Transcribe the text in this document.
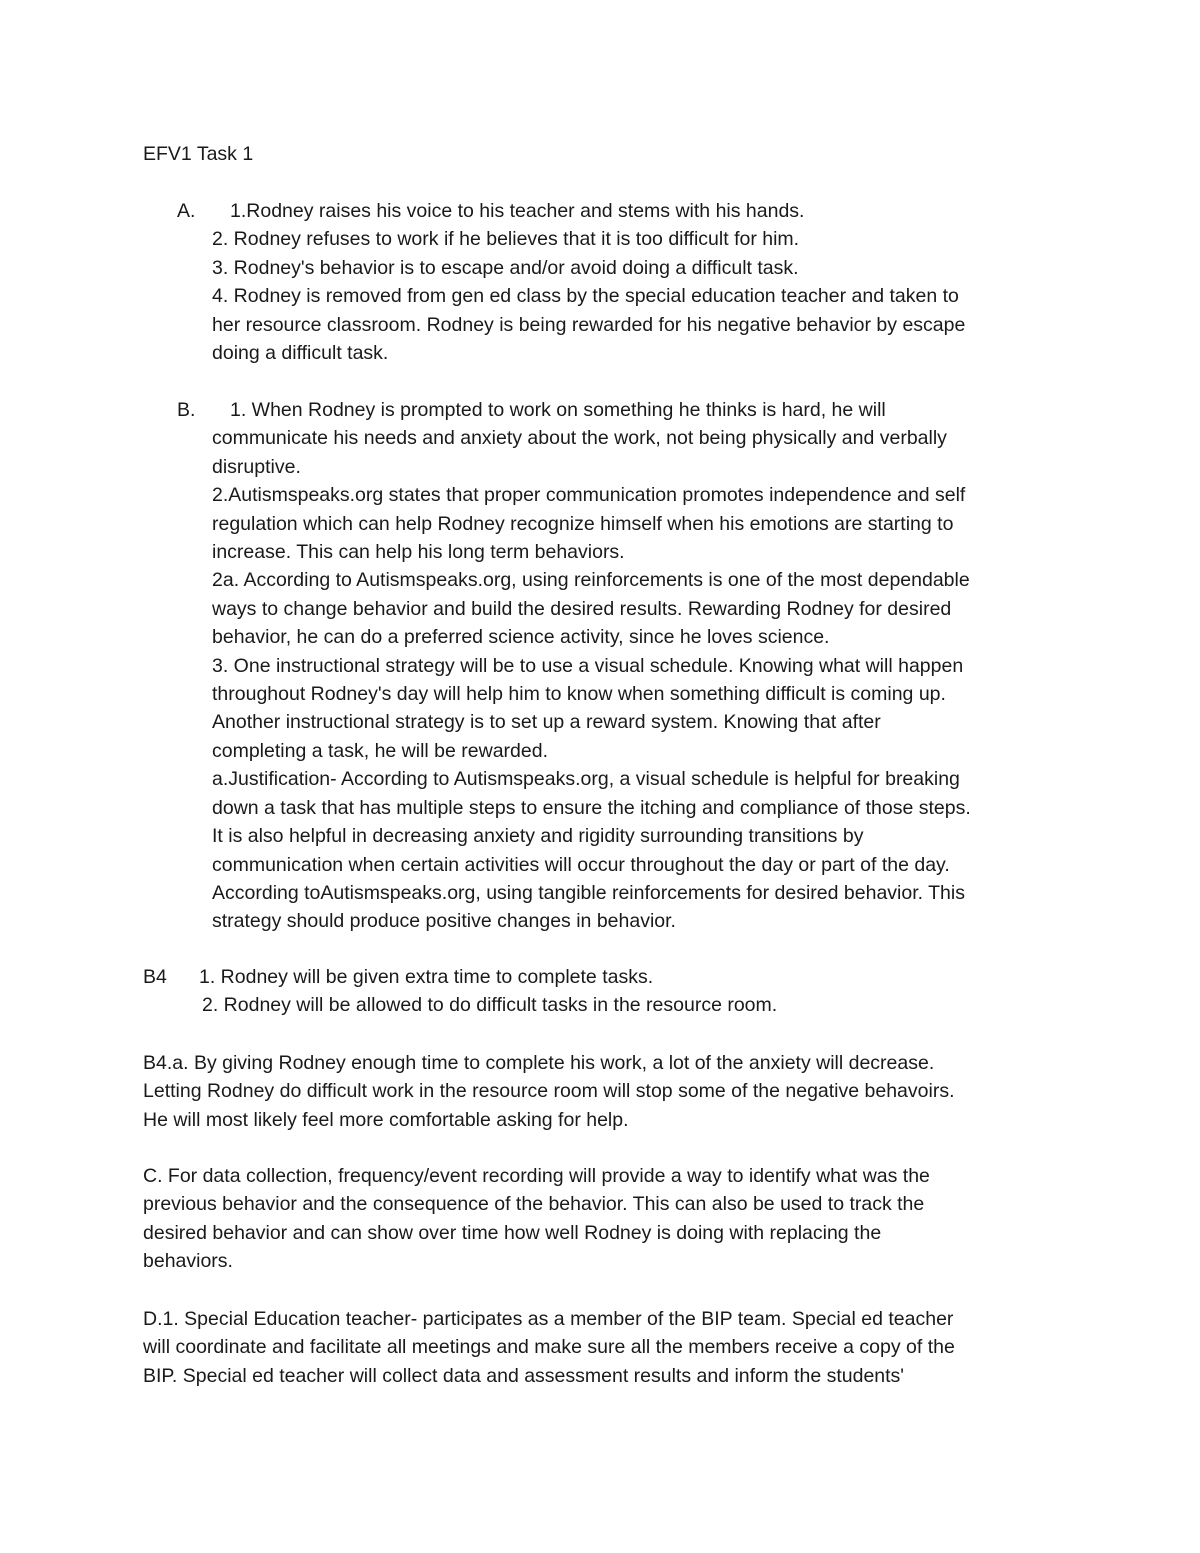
EFV1 Task 1
A. 1.Rodney raises his voice to his teacher and stems with his hands.
2. Rodney refuses to work if he believes that it is too difficult for him.
3. Rodney's behavior is to escape and/or avoid doing a difficult task.
4. Rodney is removed from gen ed class by the special education teacher and taken to
her resource classroom. Rodney is being rewarded for his negative behavior by escape
doing a difficult task.
B. 1. When Rodney is prompted to work on something he thinks is hard, he will
communicate his needs and anxiety about the work, not being physically and verbally
disruptive.
2.Autismspeaks.org states that proper communication promotes independence and self
regulation which can help Rodney recognize himself when his emotions are starting to
increase. This can help his long term behaviors.
2a. According to Autismspeaks.org, using reinforcements is one of the most dependable
ways to change behavior and build the desired results. Rewarding Rodney for desired
behavior, he can do a preferred science activity, since he loves science.
3. One instructional strategy will be to use a visual schedule. Knowing what will happen
throughout Rodney's day will help him to know when something difficult is coming up.
Another instructional strategy is to set up a reward system. Knowing that after
completing a task, he will be rewarded.
a.Justification- According to Autismspeaks.org, a visual schedule is helpful for breaking
down a task that has multiple steps to ensure the itching and compliance of those steps.
It is also helpful in decreasing anxiety and rigidity surrounding transitions by
communication when certain activities will occur throughout the day or part of the day.
According toAutismspeaks.org, using tangible reinforcements for desired behavior. This
strategy should produce positive changes in behavior.
B4 1. Rodney will be given extra time to complete tasks.
2. Rodney will be allowed to do difficult tasks in the resource room.
B4.a. By giving Rodney enough time to complete his work, a lot of the anxiety will decrease.
Letting Rodney do difficult work in the resource room will stop some of the negative behavoirs.
He will most likely feel more comfortable asking for help.
C. For data collection, frequency/event recording will provide a way to identify what was the
previous behavior and the consequence of the behavior. This can also be used to track the
desired behavior and can show over time how well Rodney is doing with replacing the
behaviors.
D.1. Special Education teacher- participates as a member of the BIP team. Special ed teacher
will coordinate and facilitate all meetings and make sure all the members receive a copy of the
BIP. Special ed teacher will collect data and assessment results and inform the students'
